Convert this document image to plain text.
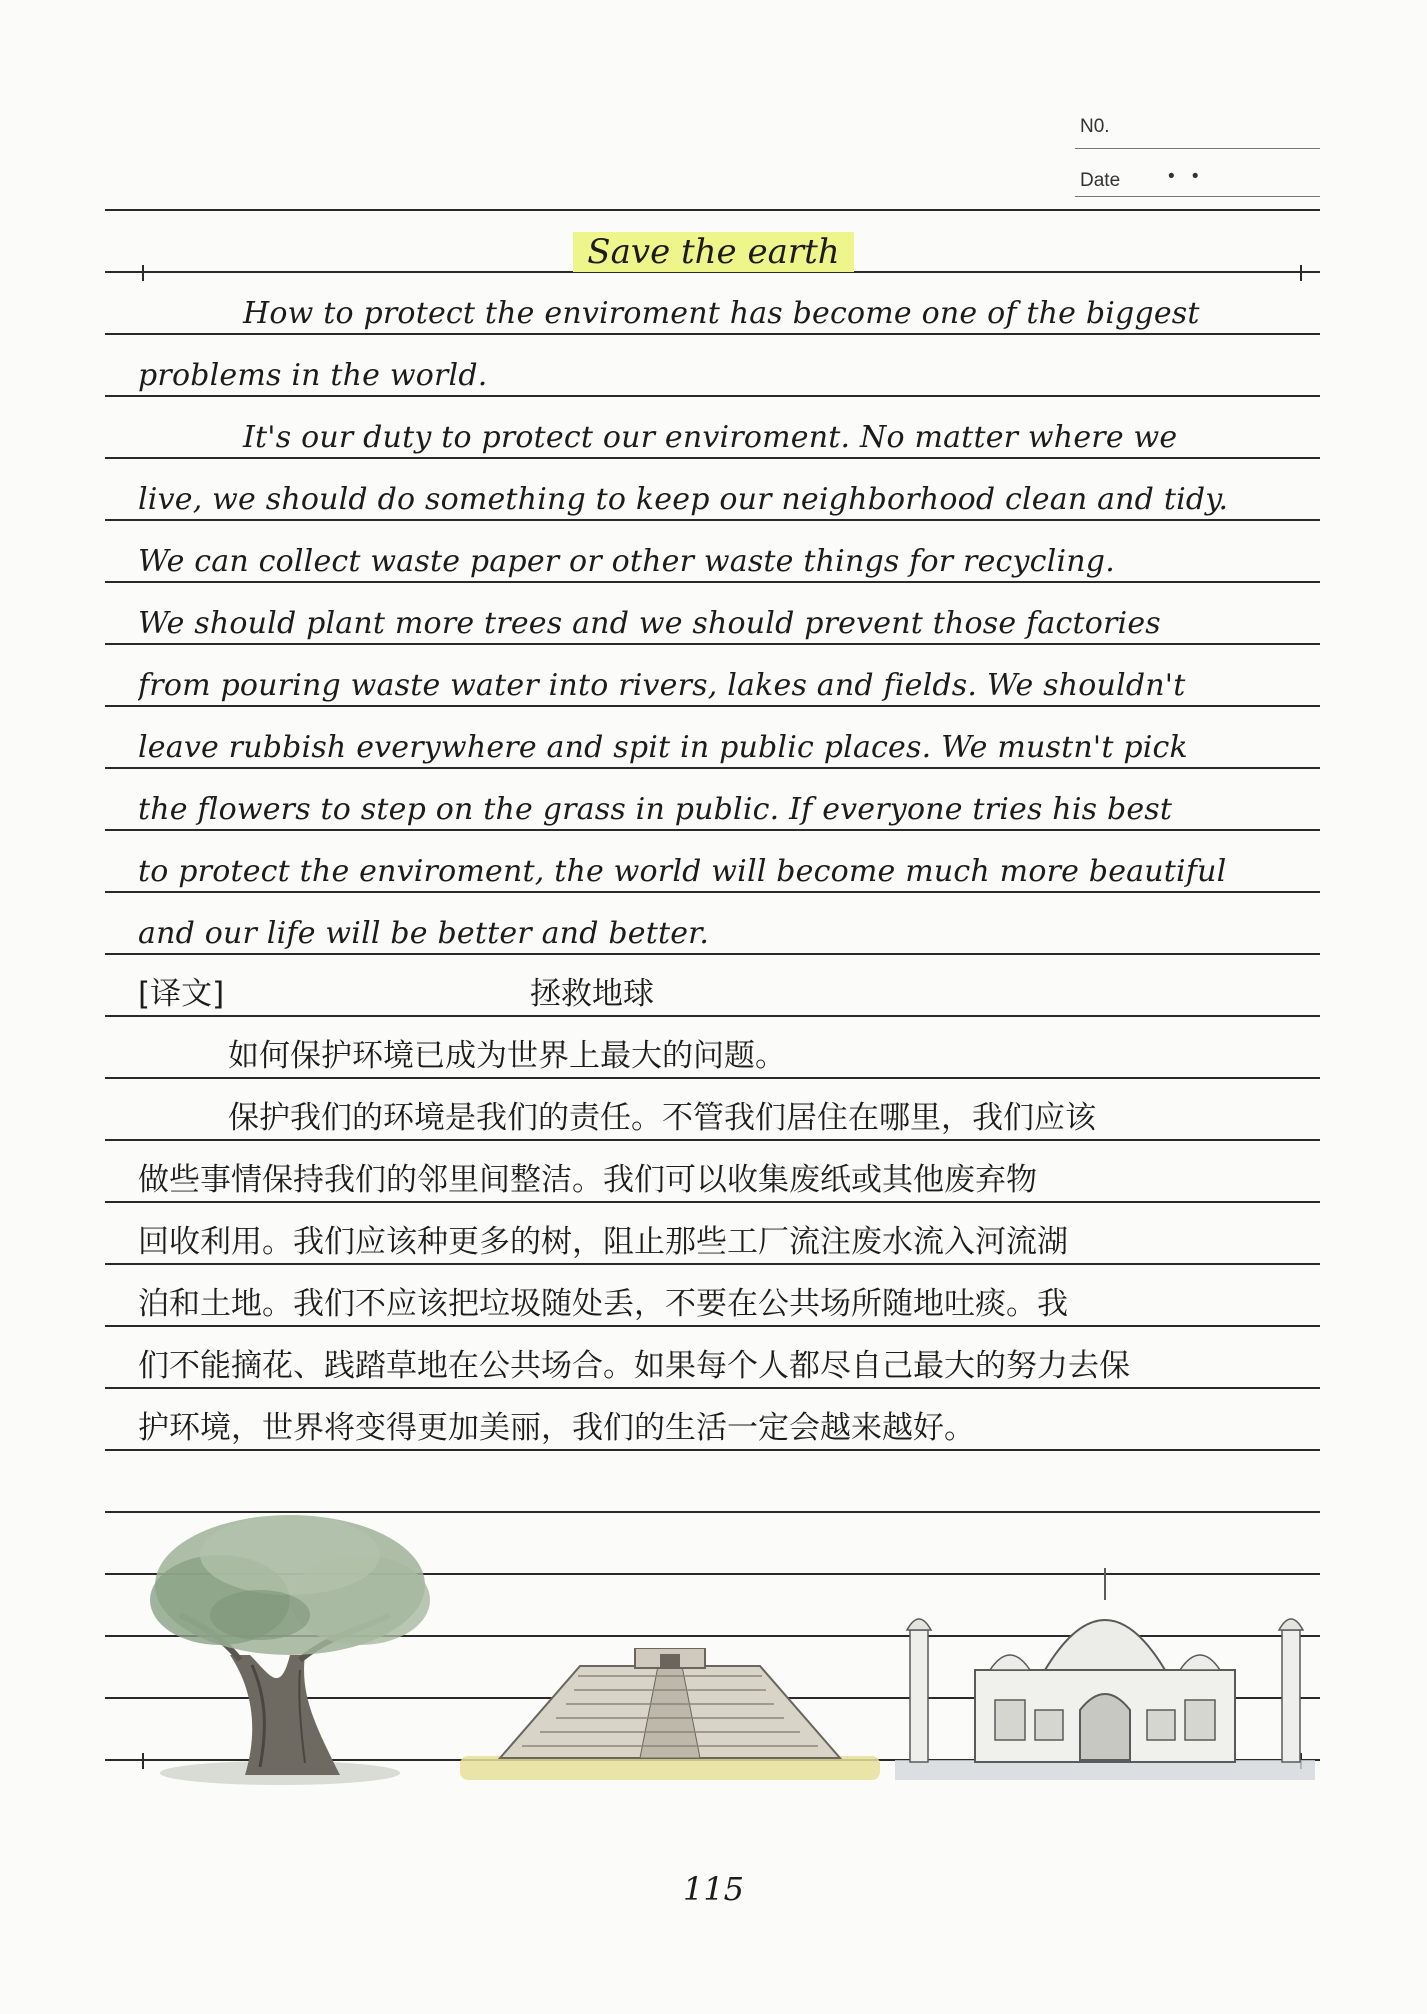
N0.
Date	• •
Save the earth
How to protect the enviroment has become one of the biggest
problems in the world.
It's our duty to protect our enviroment. No matter where we
live, we should do something to keep our neighborhood clean and tidy.
We can collect waste paper or other waste things for recycling.
We should plant more trees and we should prevent those factories
from pouring waste water into rivers, lakes and fields. We shouldn't
leave rubbish everywhere and spit in public places. We mustn't pick
the flowers to step on the grass in public. If everyone tries his best
to protect the enviroment, the world will become much more beautiful
and our life will be better and better.
[译文]	拯救地球
如何保护环境已成为世界上最大的问题。
保护我们的环境是我们的责任。不管我们居住在哪里，我们应该
做些事情保持我们的邻里间整洁。我们可以收集废纸或其他废弃物
回收利用。我们应该种更多的树，阻止那些工厂流注废水流入河流湖
泊和土地。我们不应该把垃圾随处丢，不要在公共场所随地吐痰。我
们不能摘花、践踏草地在公共场合。如果每个人都尽自己最大的努力去保
护环境，世界将变得更加美丽，我们的生活一定会越来越好。
115
